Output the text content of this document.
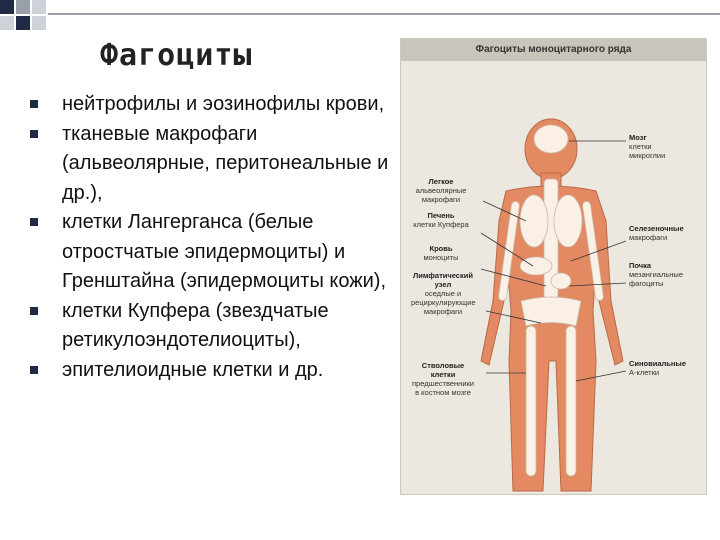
Фагоциты
нейтрофилы и эозинофилы крови,
тканевые макрофаги (альвеолярные, перитонеальные и др.),
клетки Лангерганса (белые отростчатые эпидермоциты) и Гренштайна (эпидермоциты кожи),
клетки Купфера (звездчатые ретикулоэндотелиоциты),
эпителиоидные клетки и др.
Фагоциты моноцитарного ряда
Мозг
клетки микроглии
Легкое
альвеолярные макрофаги
Печень
клетки Купфера
Кровь
моноциты
Лимфатический узел
оседлые и рециркулирующие макрофаги
Стволовые клетки
предшественники в костном мозге
Селезеночные
макрофаги
Почка
мезангиальные фагоциты
Синовиальные
А-клетки
